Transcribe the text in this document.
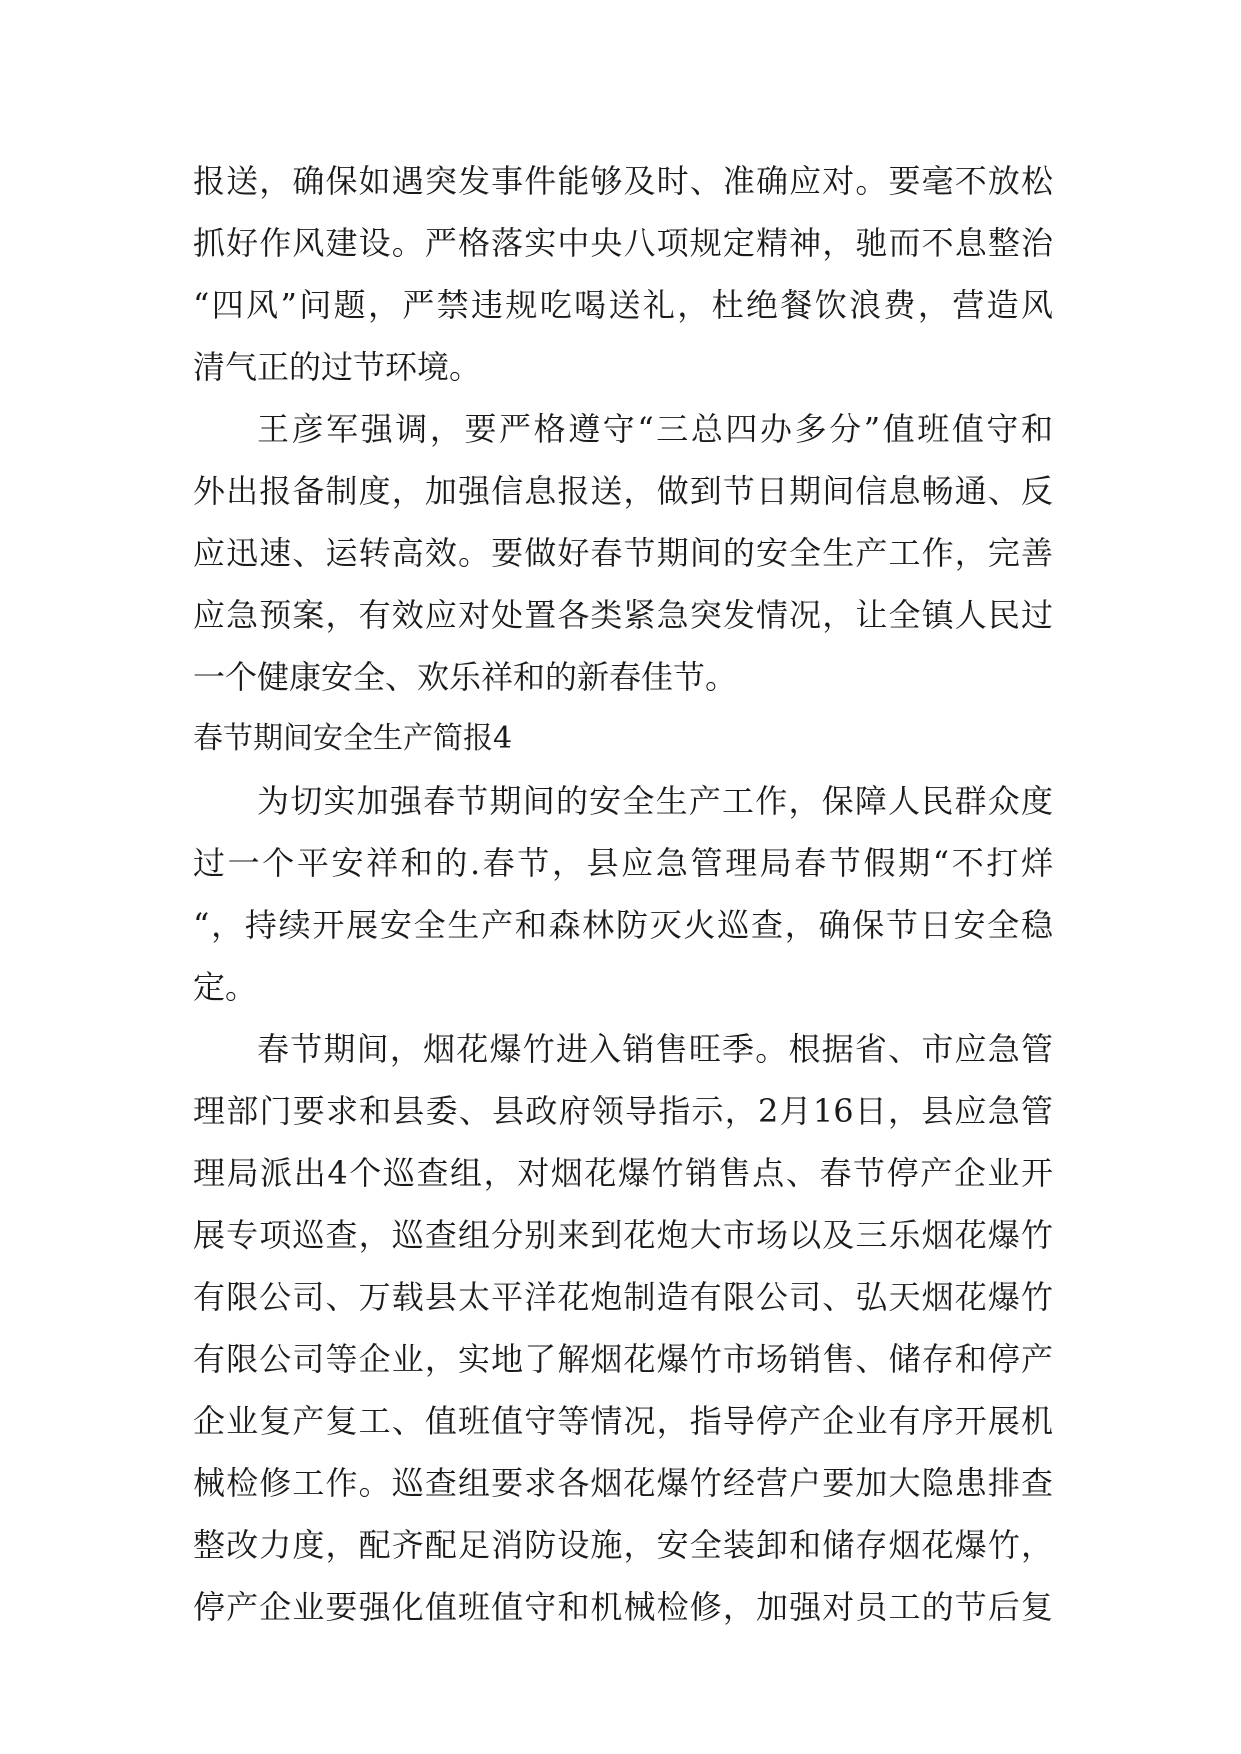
报送，确保如遇突发事件能够及时、准确应对。要毫不放松
抓好作风建设。严格落实中央八项规定精神，驰而不息整治
“四风”问题，严禁违规吃喝送礼，杜绝餐饮浪费，营造风
清气正的过节环境。
王彦军强调，要严格遵守“三总四办多分”值班值守和
外出报备制度，加强信息报送，做到节日期间信息畅通、反
应迅速、运转高效。要做好春节期间的安全生产工作，完善
应急预案，有效应对处置各类紧急突发情况，让全镇人民过
一个健康安全、欢乐祥和的新春佳节。
春节期间安全生产简报4
为切实加强春节期间的安全生产工作，保障人民群众度
过一个平安祥和的.春节，县应急管理局春节假期“不打烊
“，持续开展安全生产和森林防灭火巡查，确保节日安全稳
定。
春节期间，烟花爆竹进入销售旺季。根据省、市应急管
理部门要求和县委、县政府领导指示，2月16日，县应急管
理局派出4个巡查组，对烟花爆竹销售点、春节停产企业开
展专项巡查，巡查组分别来到花炮大市场以及三乐烟花爆竹
有限公司、万载县太平洋花炮制造有限公司、弘天烟花爆竹
有限公司等企业，实地了解烟花爆竹市场销售、储存和停产
企业复产复工、值班值守等情况，指导停产企业有序开展机
械检修工作。巡查组要求各烟花爆竹经营户要加大隐患排查
整改力度，配齐配足消防设施，安全装卸和储存烟花爆竹，
停产企业要强化值班值守和机械检修，加强对员工的节后复
